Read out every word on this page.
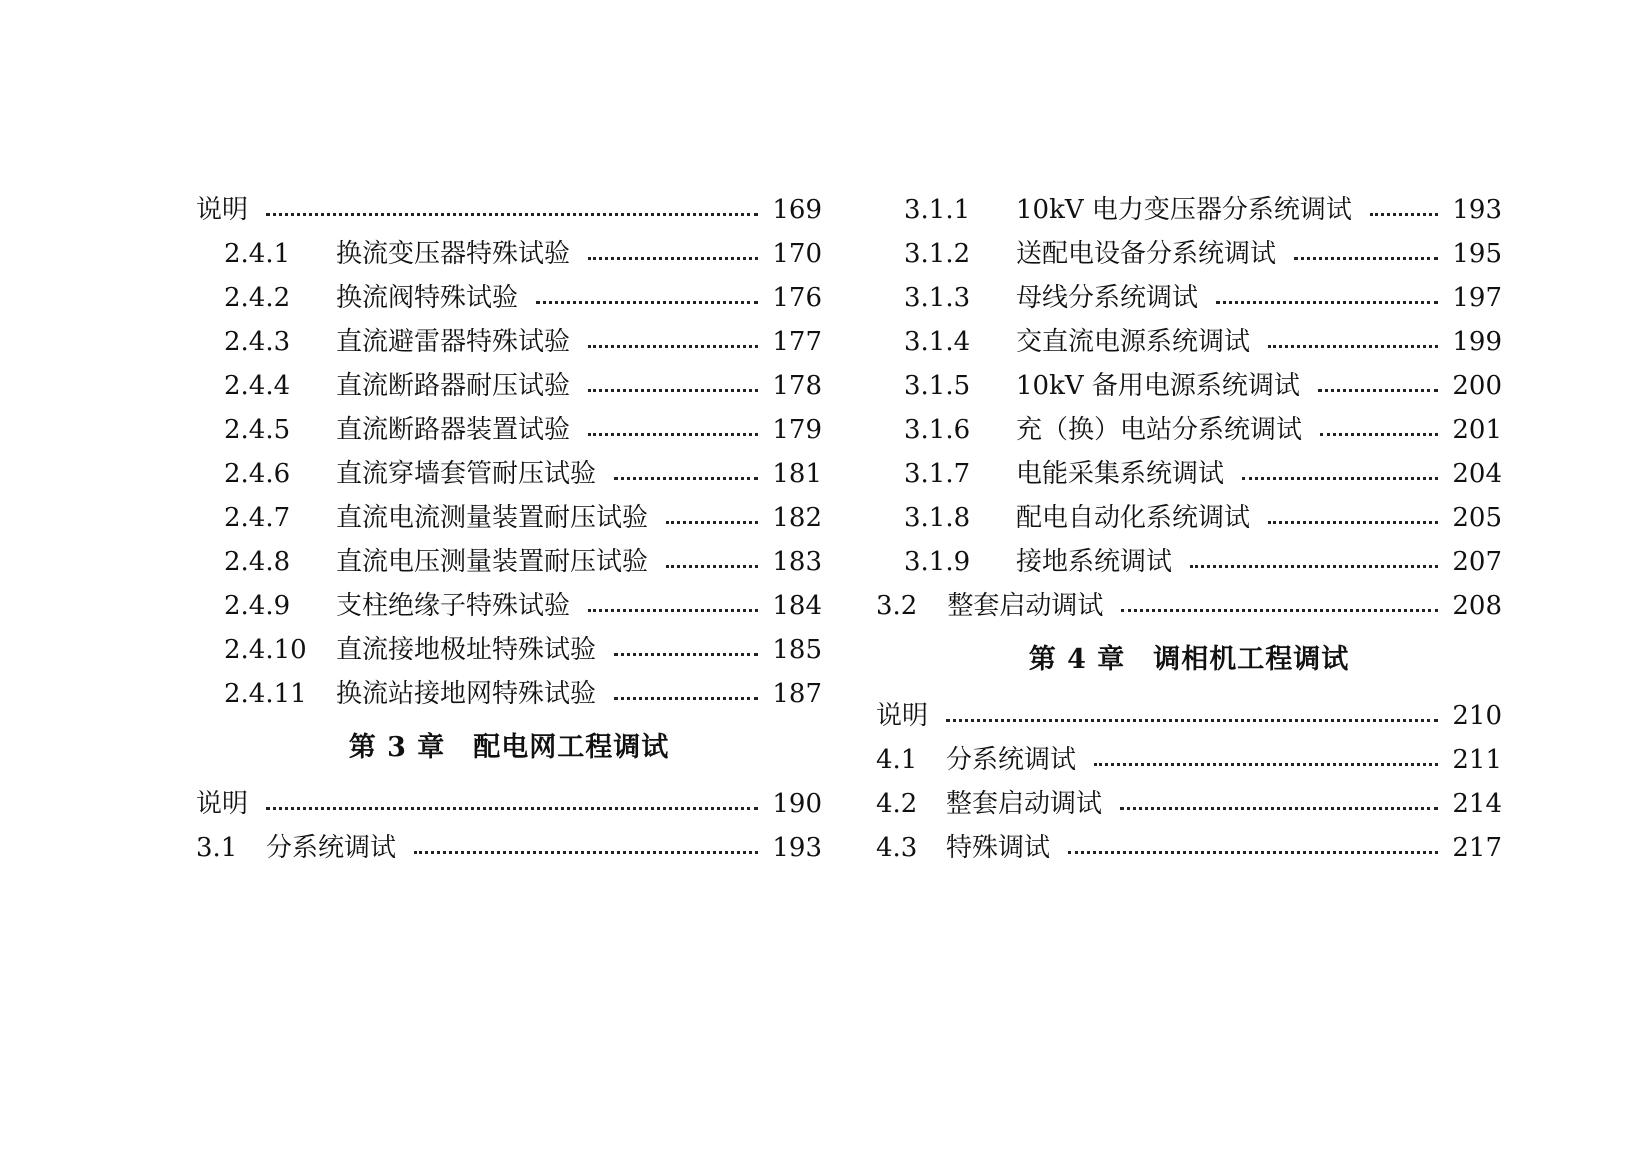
说明	169
2.4.1	换流变压器特殊试验	170
2.4.2	换流阀特殊试验	176
2.4.3	直流避雷器特殊试验	177
2.4.4	直流断路器耐压试验	178
2.4.5	直流断路器装置试验	179
2.4.6	直流穿墙套管耐压试验	181
2.4.7	直流电流测量装置耐压试验	182
2.4.8	直流电压测量装置耐压试验	183
2.4.9	支柱绝缘子特殊试验	184
2.4.10	直流接地极址特殊试验	185
2.4.11	换流站接地网特殊试验	187
第 3 章　配电网工程调试
说明	190
3.1	分系统调试	193
3.1.1	10kV 电力变压器分系统调试	193
3.1.2	送配电设备分系统调试	195
3.1.3	母线分系统调试	197
3.1.4	交直流电源系统调试	199
3.1.5	10kV 备用电源系统调试	200
3.1.6	充（换）电站分系统调试	201
3.1.7	电能采集系统调试	204
3.1.8	配电自动化系统调试	205
3.1.9	接地系统调试	207
3.2 整套启动调试	208
第 4 章　调相机工程调试
说明	210
4.1	分系统调试	211
4.2	整套启动调试	214
4.3	特殊调试	217
